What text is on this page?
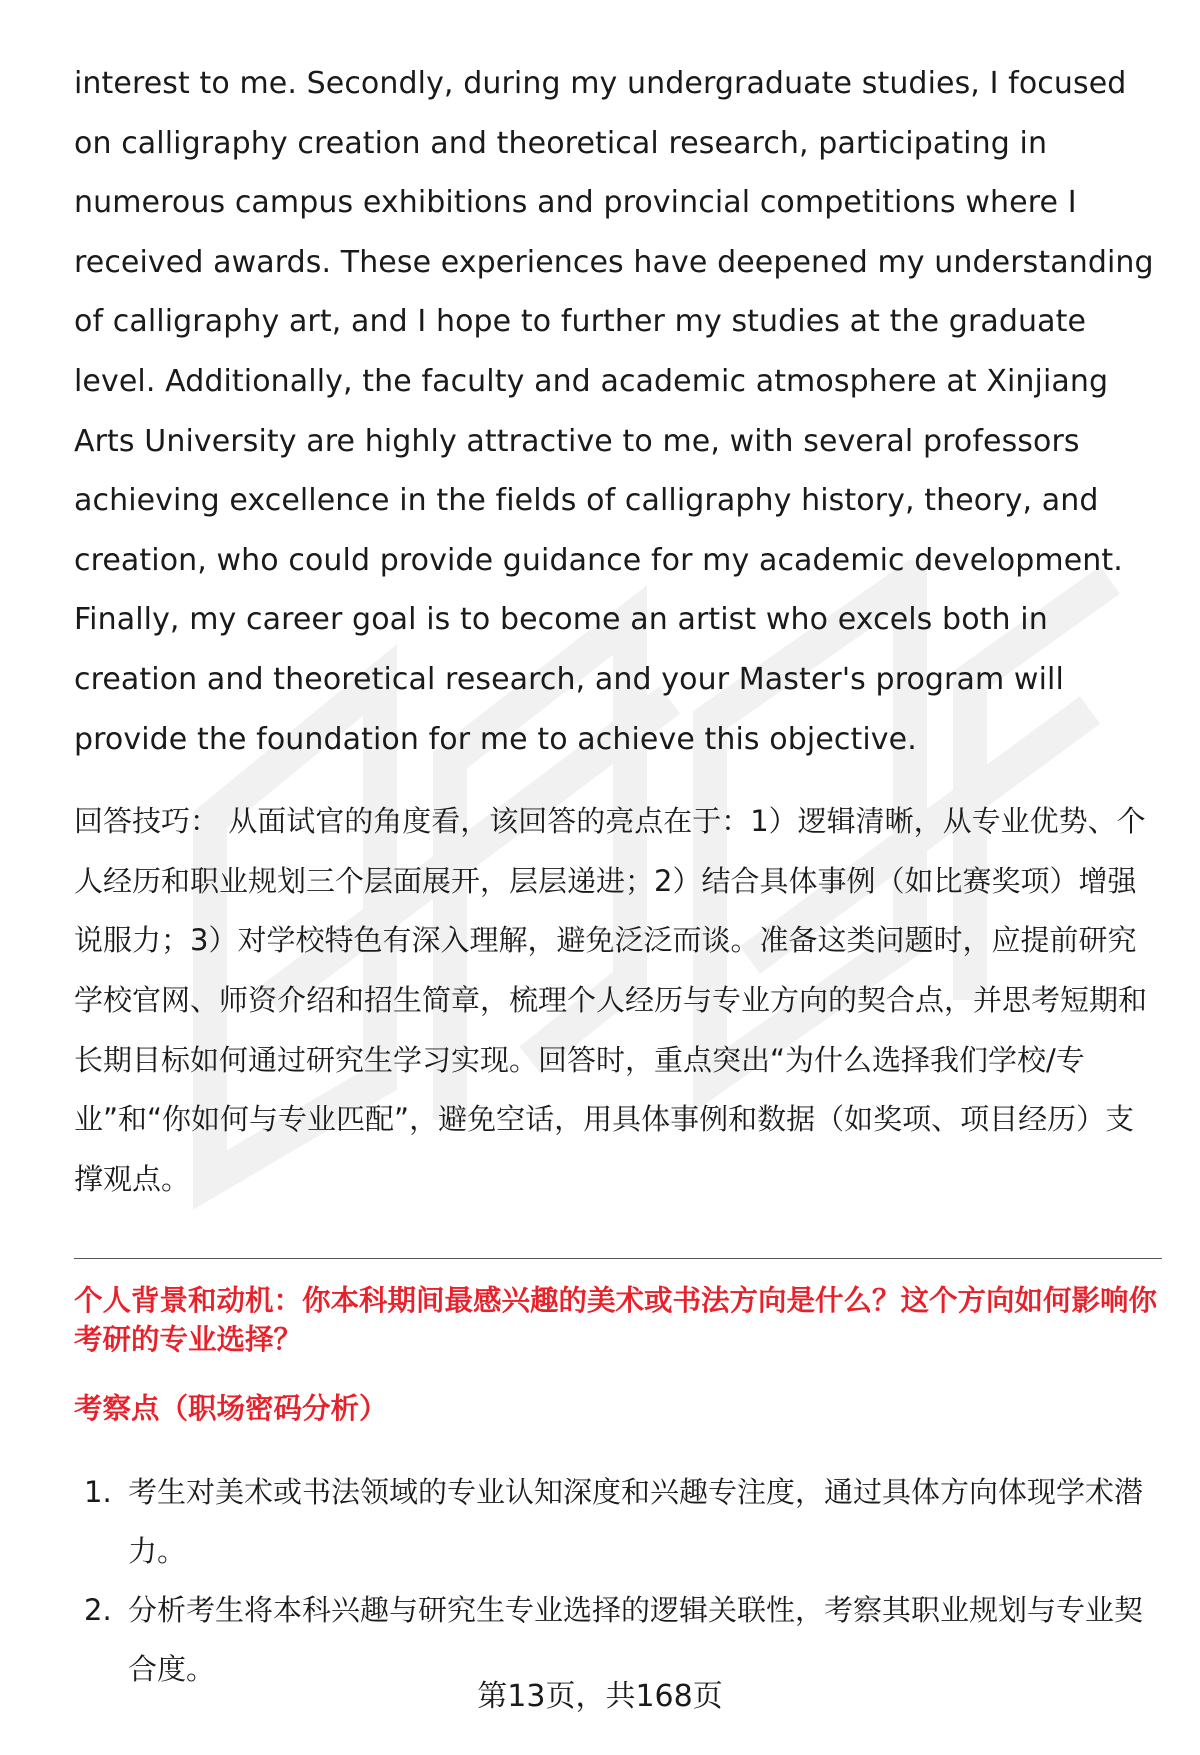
interest to me. Secondly, during my undergraduate studies, I focused on calligraphy creation and theoretical research, participating in numerous campus exhibitions and provincial competitions where I received awards. These experiences have deepened my understanding of calligraphy art, and I hope to further my studies at the graduate level. Additionally, the faculty and academic atmosphere at Xinjiang Arts University are highly attractive to me, with several professors achieving excellence in the fields of calligraphy history, theory, and creation, who could provide guidance for my academic development. Finally, my career goal is to become an artist who excels both in creation and theoretical research, and your Master's program will provide the foundation for me to achieve this objective.

回答技巧： 从面试官的角度看，该回答的亮点在于：1）逻辑清晰，从专业优势、个人经历和职业规划三个层面展开，层层递进；2）结合具体事例（如比赛奖项）增强说服力；3）对学校特色有深入理解，避免泛泛而谈。准备这类问题时，应提前研究学校官网、师资介绍和招生简章，梳理个人经历与专业方向的契合点，并思考短期和长期目标如何通过研究生学习实现。回答时，重点突出“为什么选择我们学校/专业”和“你如何与专业匹配”，避免空话，用具体事例和数据（如奖项、项目经历）支撑观点。

个人背景和动机：你本科期间最感兴趣的美术或书法方向是什么？这个方向如何影响你考研的专业选择？
考察点（职场密码分析）
1. 考生对美术或书法领域的专业认知深度和兴趣专注度，通过具体方向体现学术潜力。
2. 分析考生将本科兴趣与研究生专业选择的逻辑关联性，考察其职业规划与专业契合度。
第13页，共168页
